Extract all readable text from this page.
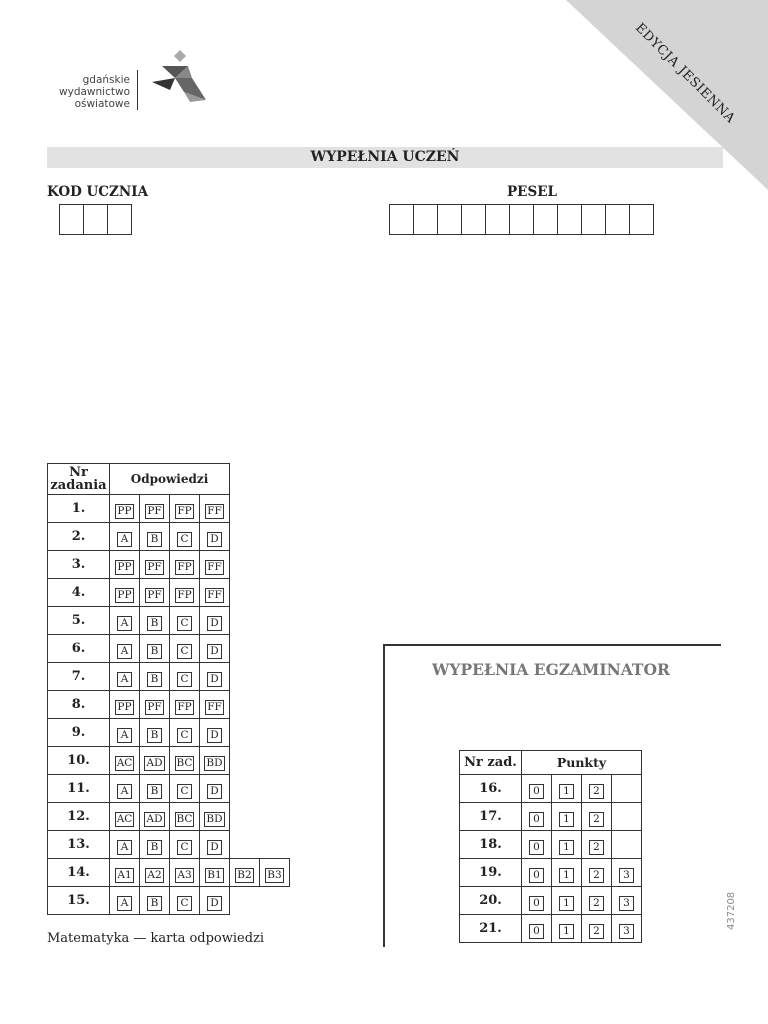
EDYCJA JESIENNA
gdańskie
wydawnictwo
oświatowe
WYPEŁNIA UCZEŃ
KOD UCZNIA	PESEL
Nr
zadania	Odpowiedzi					
1.	PP	PF	FP	FF		
2.	A	B	C	D		
3.	PP	PF	FP	FF		
4.	PP	PF	FP	FF		
5.	A	B	C	D		
6.	A	B	C	D		
7.	A	B	C	D		
8.	PP	PF	FP	FF		
9.	A	B	C	D		
10.	AC	AD	BC	BD		
11.	A	B	C	D		
12.	AC	AD	BC	BD		
13.	A	B	C	D		
14.	A1	A2	A3	B1	B2	B3
15.	A	B	C	D		
Matematyka — karta odpowiedzi
WYPEŁNIA EGZAMINATOR
Nr zad.	Punkty			
16.	0	1	2	
17.	0	1	2	
18.	0	1	2	
19.	0	1	2	3
20.	0	1	2	3
21.	0	1	2	3
437208
